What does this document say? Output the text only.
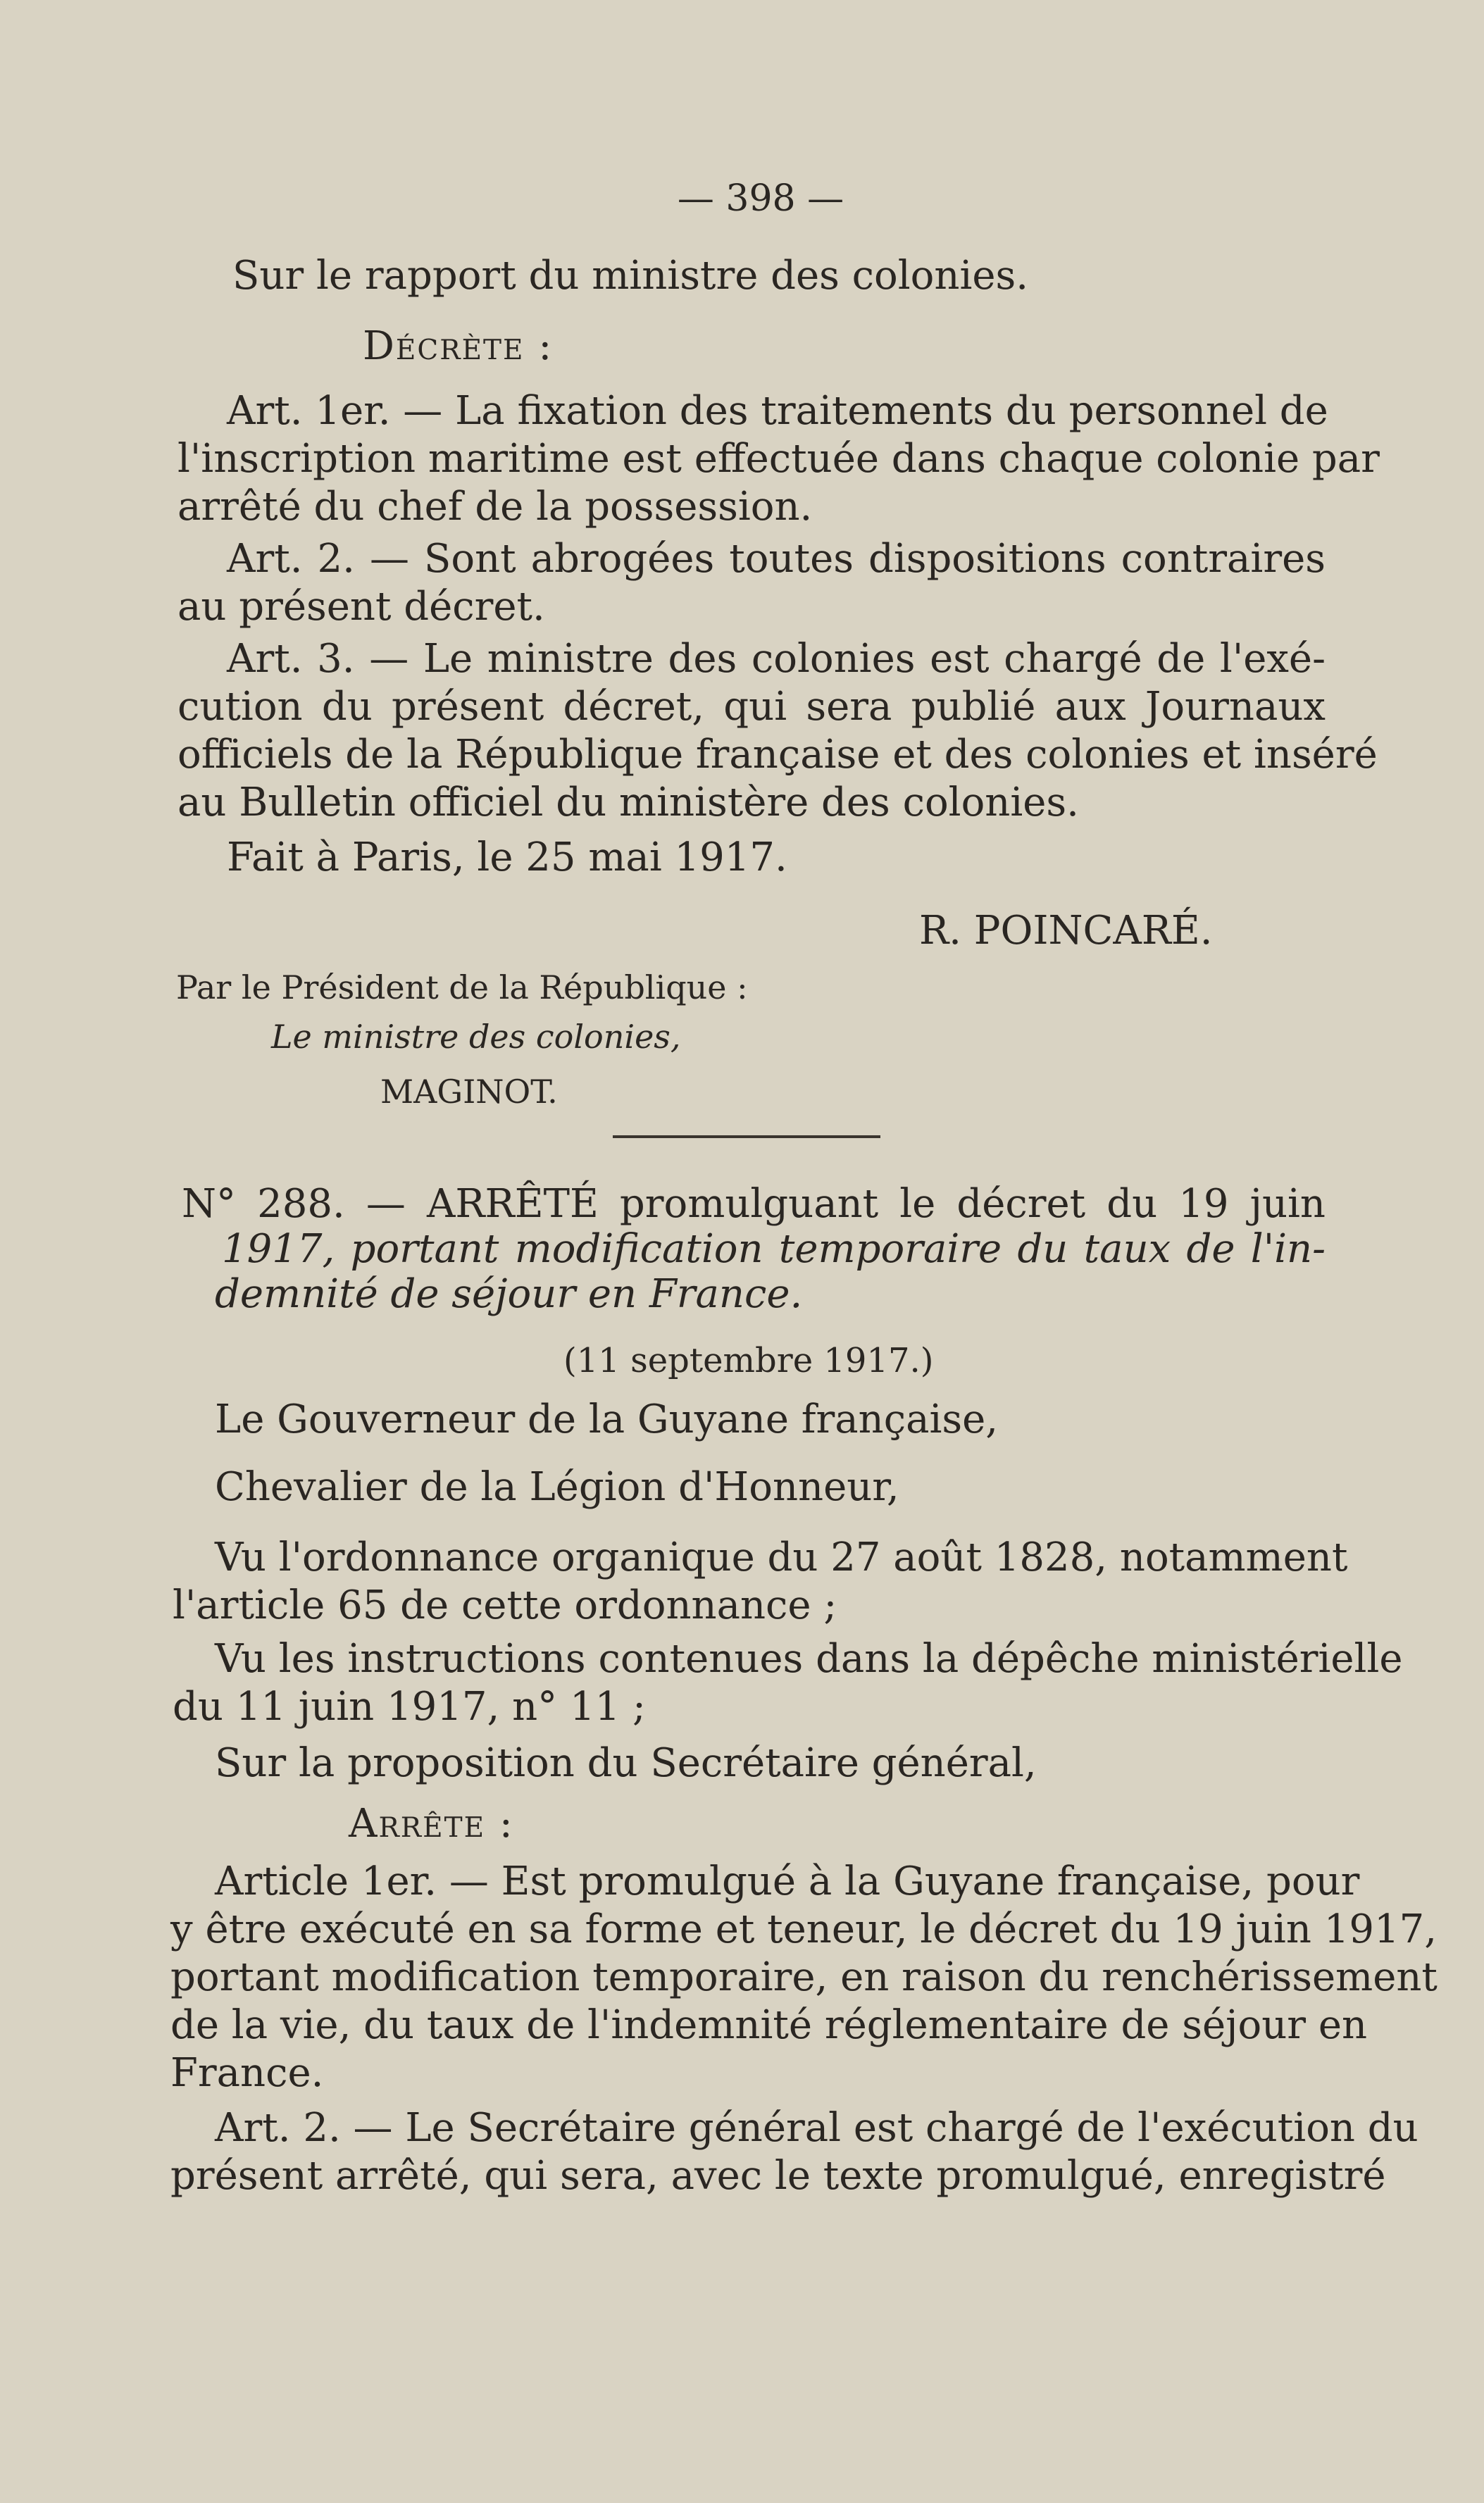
— 398 —

Sur le rapport du ministre des colonies.

Décrète :

Art. 1er. — La fixation des traitements du personnel de

l'inscription maritime est effectuée dans chaque colonie par

arrêté du chef de la possession.

Art. 2. — Sont abrogées toutes dispositions contraires

au présent décret.

Art. 3. — Le ministre des colonies est chargé de l'exé-

cution du présent décret, qui sera publié aux Journaux

officiels de la République française et des colonies et inséré

au Bulletin officiel du ministère des colonies.

Fait à Paris, le 25 mai 1917.

R. POINCARÉ.

Par le Président de la République :

Le ministre des colonies,

MAGINOT.

N° 288. — ARRÊTÉ promulguant le décret du 19 juin

1917, portant modification temporaire du taux de l'in-

demnité de séjour en France.

(11 septembre 1917.)

Le Gouverneur de la Guyane française,

Chevalier de la Légion d'Honneur,

Vu l'ordonnance organique du 27 août 1828, notamment

l'article 65 de cette ordonnance ;

Vu les instructions contenues dans la dépêche ministérielle

du 11 juin 1917, n° 11 ;

Sur la proposition du Secrétaire général,

Arrête :

Article 1er. — Est promulgué à la Guyane française, pour

y être exécuté en sa forme et teneur, le décret du 19 juin 1917,

portant modification temporaire, en raison du renchérissement

de la vie, du taux de l'indemnité réglementaire de séjour en

France.

Art. 2. — Le Secrétaire général est chargé de l'exécution du

présent arrêté, qui sera, avec le texte promulgué, enregistré
